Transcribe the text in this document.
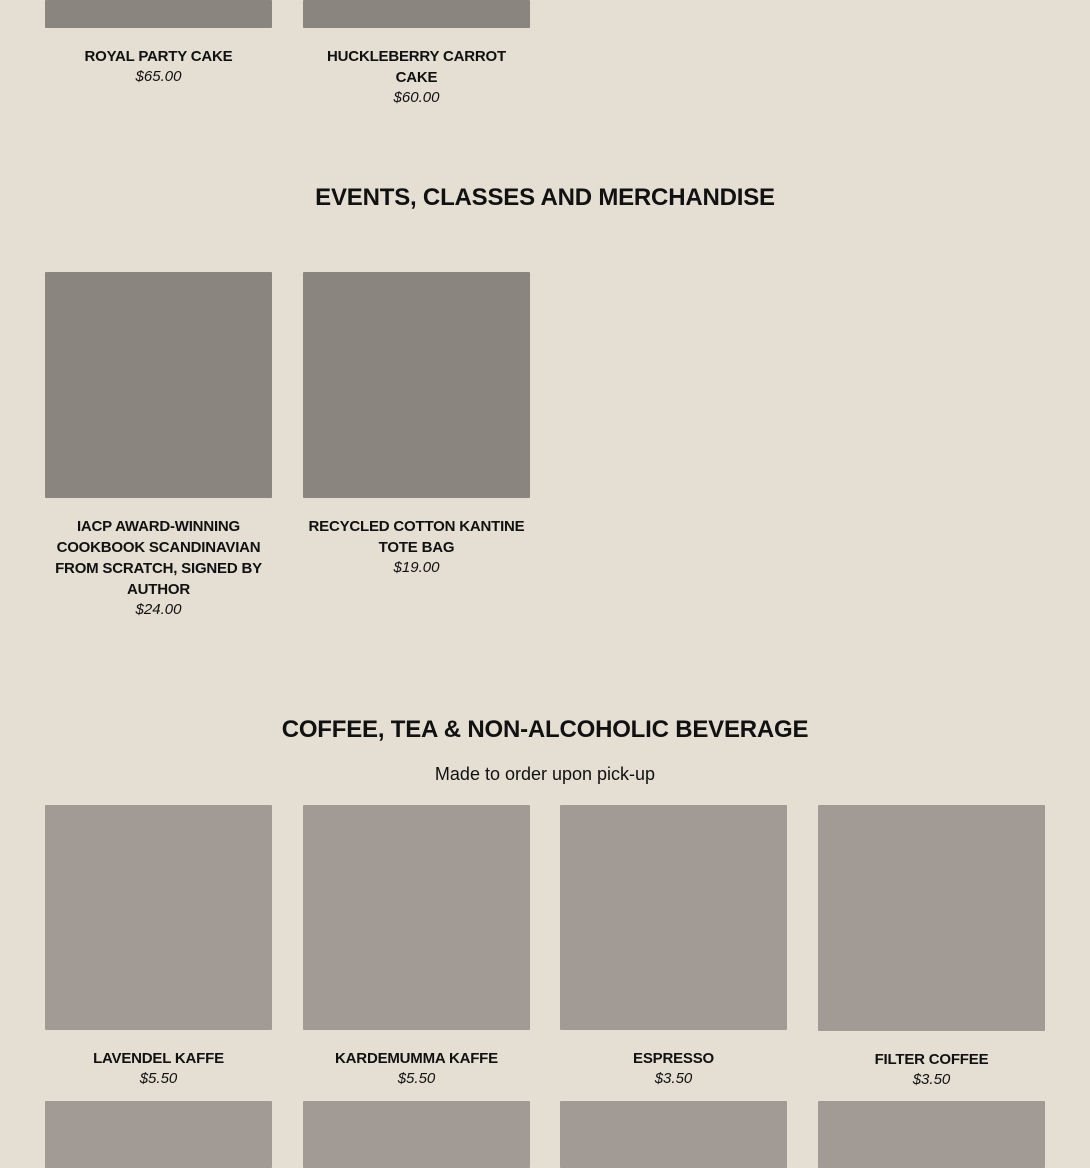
ROYAL PARTY CAKE
$65.00
HUCKLEBERRY CARROT CAKE
$60.00
EVENTS, CLASSES AND MERCHANDISE
IACP AWARD-WINNING COOKBOOK SCANDINAVIAN FROM SCRATCH, SIGNED BY AUTHOR
$24.00
RECYCLED COTTON KANTINE TOTE BAG
$19.00
COFFEE, TEA & NON-ALCOHOLIC BEVERAGE

Made to order upon pick-up

LAVENDEL KAFFE
$5.50
KARDEMUMMA KAFFE
$5.50
ESPRESSO
$3.50
FILTER COFFEE
$3.50
